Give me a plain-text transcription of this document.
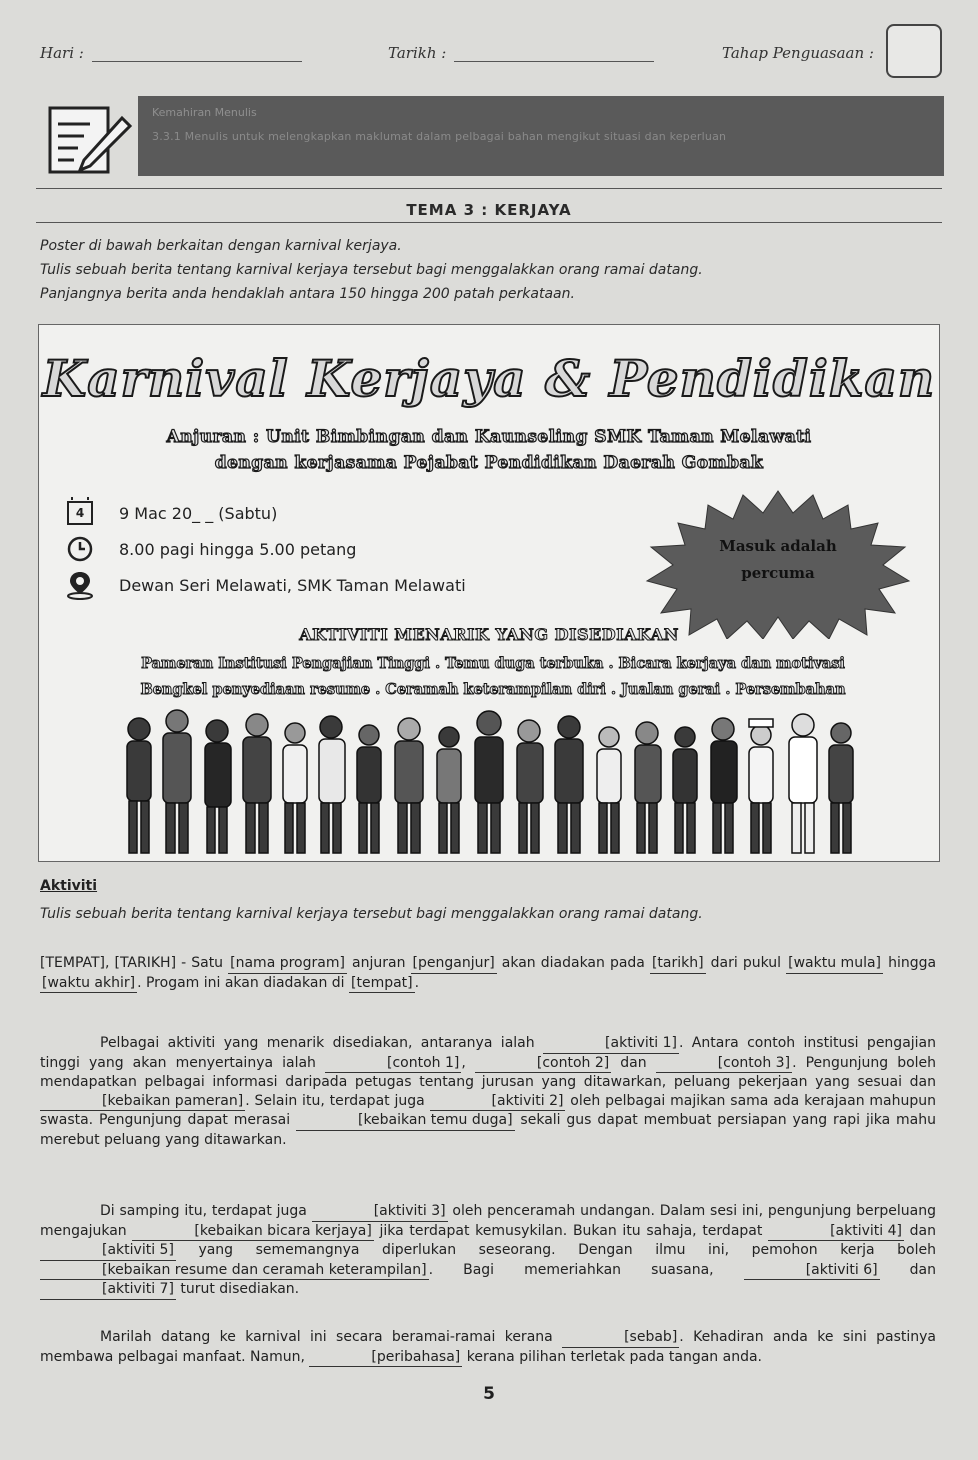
Hari :	Tarikh :	Tahap Penguasaan :
Kemahiran Menulis
3.3.1 Menulis untuk melengkapkan maklumat dalam pelbagai bahan mengikut situasi dan keperluan
TEMA 3 : KERJAYA
Poster di bawah berkaitan dengan karnival kerjaya.
Tulis sebuah berita tentang karnival kerjaya tersebut bagi menggalakkan orang ramai datang.
Panjangnya berita anda hendaklah antara 150 hingga 200 patah perkataan.
Karnival Kerjaya & Pendidikan
Anjuran : Unit Bimbingan dan Kaunseling SMK Taman Melawati
dengan kerjasama Pejabat Pendidikan Daerah Gombak
4	9 Mac 20_ _ (Sabtu)
8.00 pagi hingga 5.00 petang
Dewan Seri Melawati, SMK Taman Melawati
Masuk adalah
percuma
AKTIVITI MENARIK YANG DISEDIAKAN
Pameran Institusi Pengajian Tinggi . Temu duga terbuka . Bicara kerjaya dan motivasi
Bengkel penyediaan resume . Ceramah keterampilan diri . Jualan gerai . Persembahan
Aktiviti
Tulis sebuah berita tentang karnival kerjaya tersebut bagi menggalakkan orang ramai datang.
[TEMPAT], [TARIKH] - Satu [nama program] anjuran [penganjur] akan diadakan pada [tarikh] dari pukul [waktu mula] hingga [waktu akhir] . Progam ini akan diadakan di [tempat] .
Pelbagai aktiviti yang menarik disediakan, antaranya ialah	[aktiviti 1] . Antara contoh institusi pengajian tinggi yang akan menyertainya ialah	[contoh 1] ,	[contoh 2] dan	[contoh 3] . Pengunjung boleh mendapatkan pelbagai informasi daripada petugas tentang jurusan yang ditawarkan, peluang pekerjaan yang sesuai dan [kebaikan pameran] . Selain itu, terdapat juga	[aktiviti 2] oleh pelbagai majikan sama ada kerajaan mahupun swasta. Pengunjung dapat merasai	[kebaikan temu duga] sekali gus dapat membuat persiapan yang rapi jika mahu merebut peluang yang ditawarkan.
Di samping itu, terdapat juga	[aktiviti 3] oleh penceramah undangan. Dalam sesi ini, pengunjung berpeluang mengajukan	[kebaikan bicara kerjaya] jika terdapat kemusykilan. Bukan itu sahaja, terdapat	[aktiviti 4] dan [aktiviti 5] yang sememangnya diperlukan seseorang. Dengan ilmu ini, pemohon kerja boleh [kebaikan resume dan ceramah keterampilan] . Bagi memeriahkan suasana,	[aktiviti 6] dan [aktiviti 7] turut disediakan.
Marilah datang ke karnival ini secara beramai-ramai kerana	[sebab] . Kehadiran anda ke sini pastinya membawa pelbagai manfaat. Namun,	[peribahasa] kerana pilihan terletak pada tangan anda.
5
